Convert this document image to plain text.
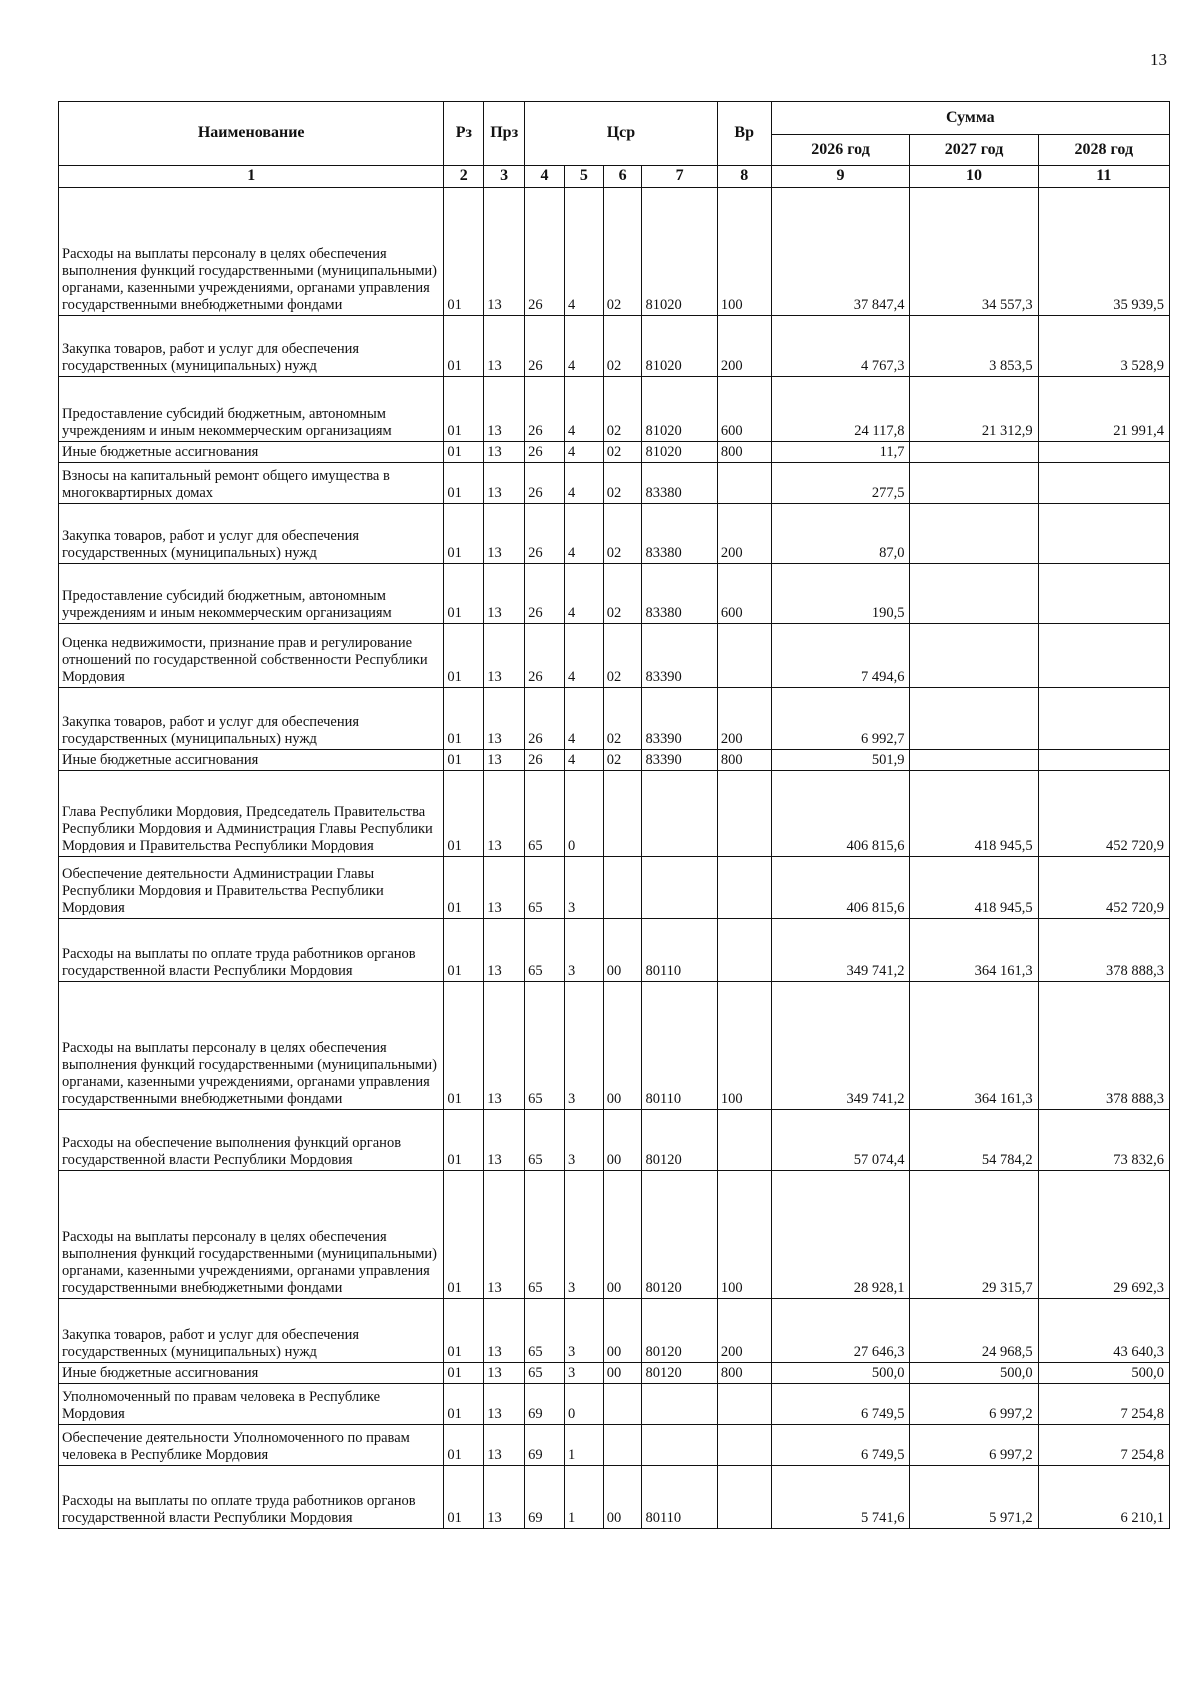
13
Наименование	Рз	Прз	Цср				Вр	Сумма		
								2026 год	2027 год	2028 год
1	2	3	4	5	6	7	8	9	10	11
Расходы на выплаты персоналу в целях обеспечения выполнения функций государственными (муниципальными) органами, казенными учреждениями, органами управления государственными внебюджетными фондами	01	13	26	4	02	81020	100	37 847,4	34 557,3	35 939,5
Закупка товаров, работ и услуг для обеспечения государственных (муниципальных) нужд	01	13	26	4	02	81020	200	4 767,3	3 853,5	3 528,9
Предоставление субсидий бюджетным, автономным учреждениям и иным некоммерческим организациям	01	13	26	4	02	81020	600	24 117,8	21 312,9	21 991,4
Иные бюджетные ассигнования	01	13	26	4	02	81020	800	11,7		
Взносы на капитальный ремонт общего имущества в многоквартирных домах	01	13	26	4	02	83380		277,5		
Закупка товаров, работ и услуг для обеспечения государственных (муниципальных) нужд	01	13	26	4	02	83380	200	87,0		
Предоставление субсидий бюджетным, автономным учреждениям и иным некоммерческим организациям	01	13	26	4	02	83380	600	190,5		
Оценка недвижимости, признание прав и регулирование отношений по государственной собственности Республики Мордовия	01	13	26	4	02	83390		7 494,6		
Закупка товаров, работ и услуг для обеспечения государственных (муниципальных) нужд	01	13	26	4	02	83390	200	6 992,7		
Иные бюджетные ассигнования	01	13	26	4	02	83390	800	501,9		
Глава Республики Мордовия, Председатель Правительства Республики Мордовия и Администрация Главы Республики Мордовия и Правительства Республики Мордовия	01	13	65	0				406 815,6	418 945,5	452 720,9
Обеспечение деятельности Администрации Главы Республики Мордовия и Правительства Республики Мордовия	01	13	65	3				406 815,6	418 945,5	452 720,9
Расходы на выплаты по оплате труда работников органов государственной власти Республики Мордовия	01	13	65	3	00	80110		349 741,2	364 161,3	378 888,3
Расходы на выплаты персоналу в целях обеспечения выполнения функций государственными (муниципальными) органами, казенными учреждениями, органами управления государственными внебюджетными фондами	01	13	65	3	00	80110	100	349 741,2	364 161,3	378 888,3
Расходы на обеспечение выполнения функций органов государственной власти Республики Мордовия	01	13	65	3	00	80120		57 074,4	54 784,2	73 832,6
Расходы на выплаты персоналу в целях обеспечения выполнения функций государственными (муниципальными) органами, казенными учреждениями, органами управления государственными внебюджетными фондами	01	13	65	3	00	80120	100	28 928,1	29 315,7	29 692,3
Закупка товаров, работ и услуг для обеспечения государственных (муниципальных) нужд	01	13	65	3	00	80120	200	27 646,3	24 968,5	43 640,3
Иные бюджетные ассигнования	01	13	65	3	00	80120	800	500,0	500,0	500,0
Уполномоченный по правам человека в Республике Мордовия	01	13	69	0				6 749,5	6 997,2	7 254,8
Обеспечение деятельности Уполномоченного по правам человека в Республике Мордовия	01	13	69	1				6 749,5	6 997,2	7 254,8
Расходы на выплаты по оплате труда работников органов государственной власти Республики Мордовия	01	13	69	1	00	80110		5 741,6	5 971,2	6 210,1
